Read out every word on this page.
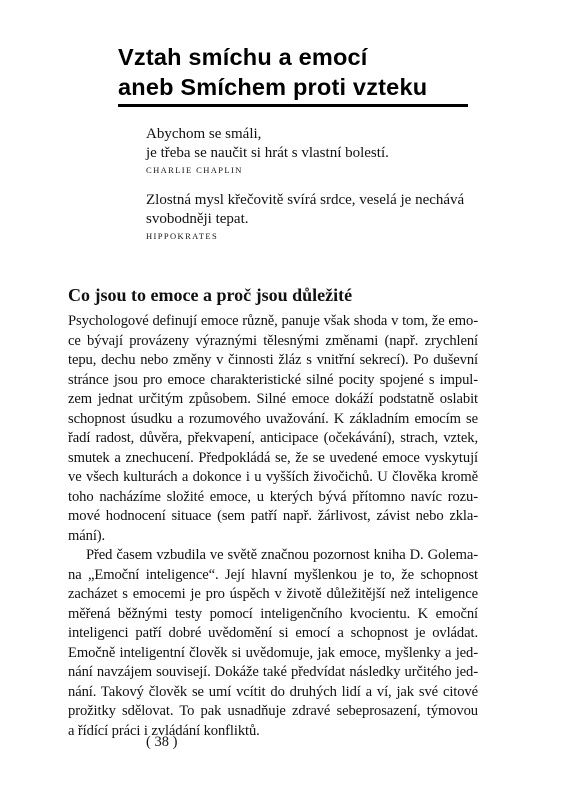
Vztah smíchu a emocí
aneb Smíchem proti vzteku
Abychom se smáli,
je třeba se naučit si hrát s vlastní bolestí.
CHARLIE CHAPLIN
Zlostná mysl křečovitě svírá srdce, veselá je nechává
svobodněji tepat.
HIPPOKRATES
Co jsou to emoce a proč jsou důležité

Psychologové definují emoce různě, panuje však shoda v tom, že emo-
ce bývají provázeny výraznými tělesnými změnami (např. zrychlení
tepu, dechu nebo změny v činnosti žláz s vnitřní sekrecí). Po duševní
stránce jsou pro emoce charakteristické silné pocity spojené s impul-
zem jednat určitým způsobem. Silné emoce dokáží podstatně oslabit
schopnost úsudku a rozumového uvažování. K základním emocím se
řadí radost, důvěra, překvapení, anticipace (očekávání), strach, vztek,
smutek a znechucení. Předpokládá se, že se uvedené emoce vyskytují
ve všech kulturách a dokonce i u vyšších živočichů. U člověka kromě
toho nacházíme složité emoce, u kterých bývá přítomno navíc rozu-
mové hodnocení situace (sem patří např. žárlivost, závist nebo zkla-
mání).

Před časem vzbudila ve světě značnou pozornost kniha D. Golema-
na „Emoční inteligence“. Její hlavní myšlenkou je to, že schopnost
zacházet s emocemi je pro úspěch v životě důležitější než inteligence
měřená běžnými testy pomocí inteligenčního kvocientu. K emoční
inteligenci patří dobré uvědomění si emocí a schopnost je ovládat.
Emočně inteligentní člověk si uvědomuje, jak emoce, myšlenky a jed-
nání navzájem souvisejí. Dokáže také předvídat následky určitého jed-
nání. Takový člověk se umí vcítit do druhých lidí a ví, jak své citové
prožitky sdělovat. To pak usnadňuje zdravé sebeprosazení, týmovou
a řídící práci i zvládání konfliktů.

( 38 )
